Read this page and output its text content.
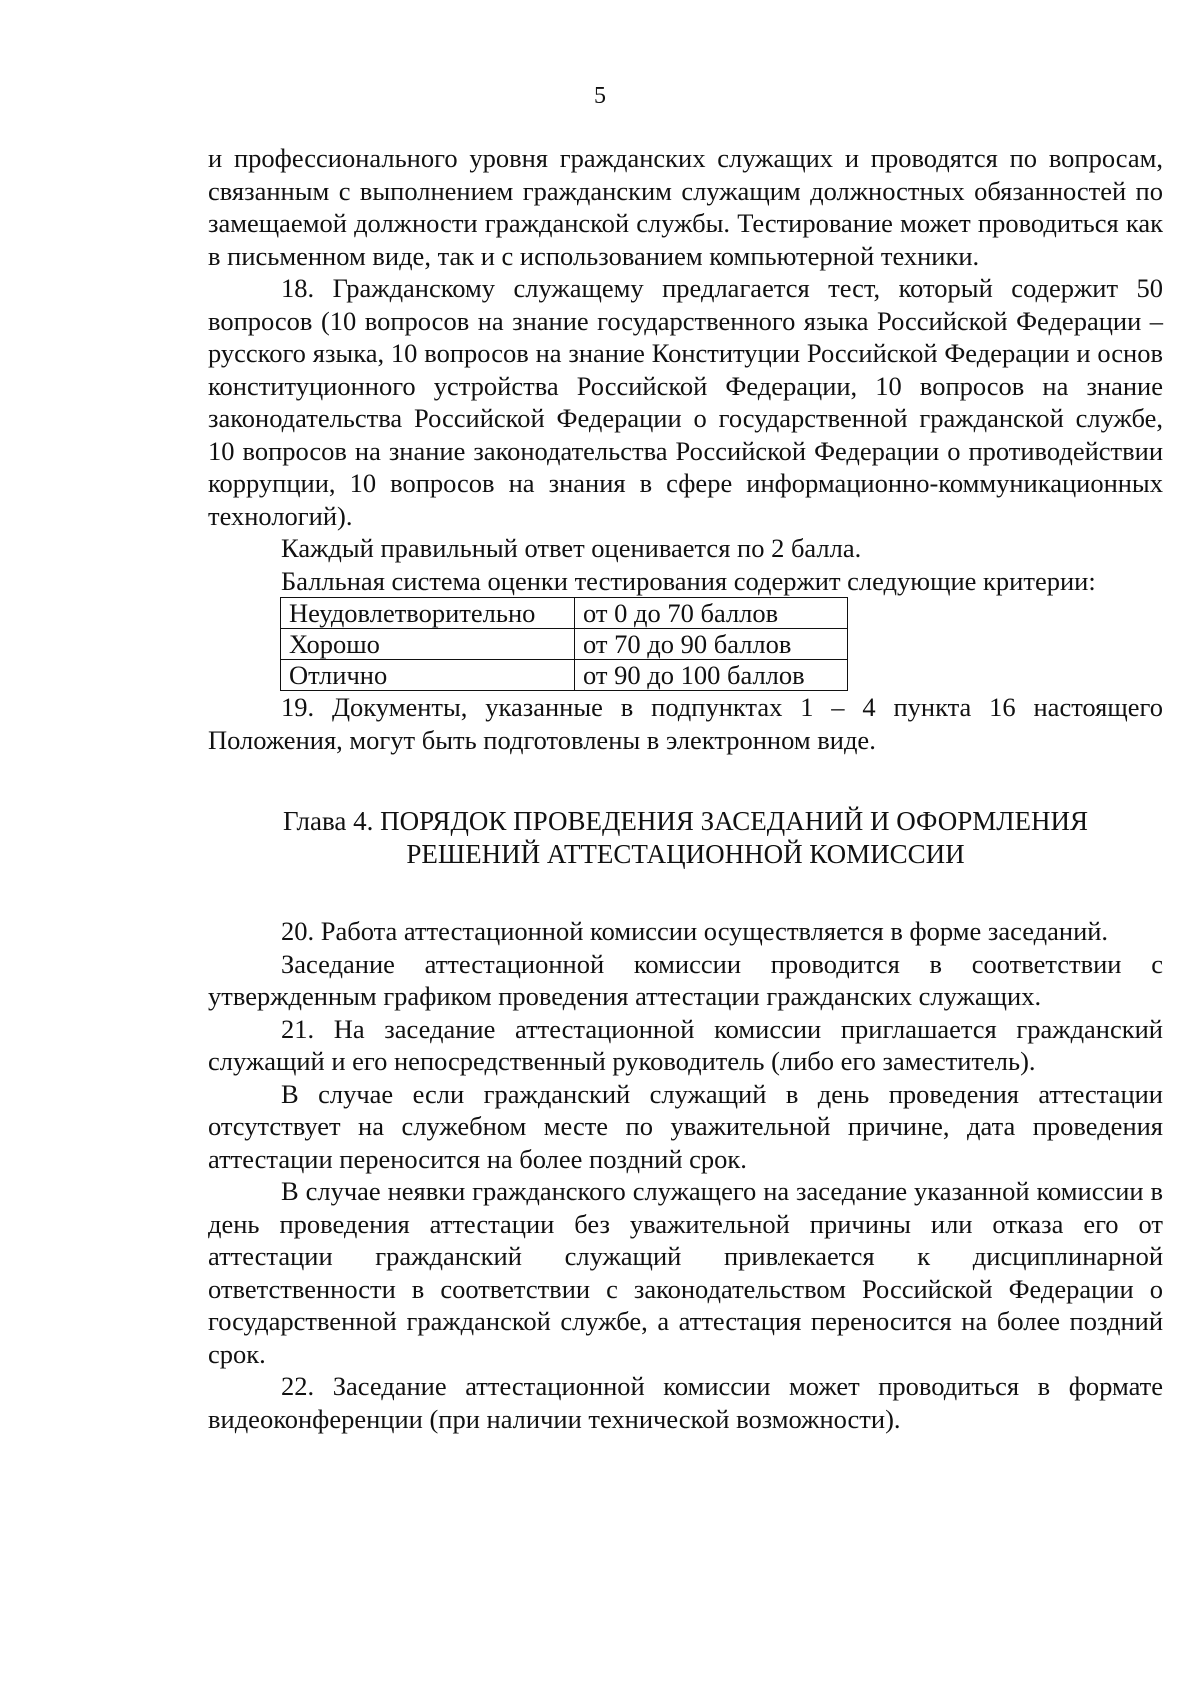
5

и профессионального уровня гражданских служащих и проводятся по вопросам, связанным с выполнением гражданским служащим должностных обязанностей по замещаемой должности гражданской службы. Тестирование может проводиться как в письменном виде, так и с использованием компьютерной техники.

18. Гражданскому служащему предлагается тест, который содержит 50 вопросов (10 вопросов на знание государственного языка Российской Федерации – русского языка, 10 вопросов на знание Конституции Российской Федерации и основ конституционного устройства Российской Федерации, 10 вопросов на знание законодательства Российской Федерации о государственной гражданской службе, 10 вопросов на знание законодательства Российской Федерации о противодействии коррупции, 10 вопросов на знания в сфере информационно-коммуникационных технологий).

Каждый правильный ответ оценивается по 2 балла.

Балльная система оценки тестирования содержит следующие критерии:

Неудовлетворительно	от 0 до 70 баллов
Хорошо	от 70 до 90 баллов
Отлично	от 90 до 100 баллов

19. Документы, указанные в подпунктах 1 – 4 пункта 16 настоящего Положения, могут быть подготовлены в электронном виде.

Глава 4. ПОРЯДОК ПРОВЕДЕНИЯ ЗАСЕДАНИЙ И ОФОРМЛЕНИЯ
РЕШЕНИЙ АТТЕСТАЦИОННОЙ КОМИССИИ

20. Работа аттестационной комиссии осуществляется в форме заседаний.

Заседание аттестационной комиссии проводится в соответствии с утвержденным графиком проведения аттестации гражданских служащих.

21. На заседание аттестационной комиссии приглашается гражданский служащий и его непосредственный руководитель (либо его заместитель).

В случае если гражданский служащий в день проведения аттестации отсутствует на служебном месте по уважительной причине, дата проведения аттестации переносится на более поздний срок.

В случае неявки гражданского служащего на заседание указанной комиссии в день проведения аттестации без уважительной причины или отказа его от аттестации гражданский служащий привлекается к дисциплинарной ответственности в соответствии с законодательством Российской Федерации о государственной гражданской службе, а аттестация переносится на более поздний срок.

22. Заседание аттестационной комиссии может проводиться в формате видеоконференции (при наличии технической возможности).
